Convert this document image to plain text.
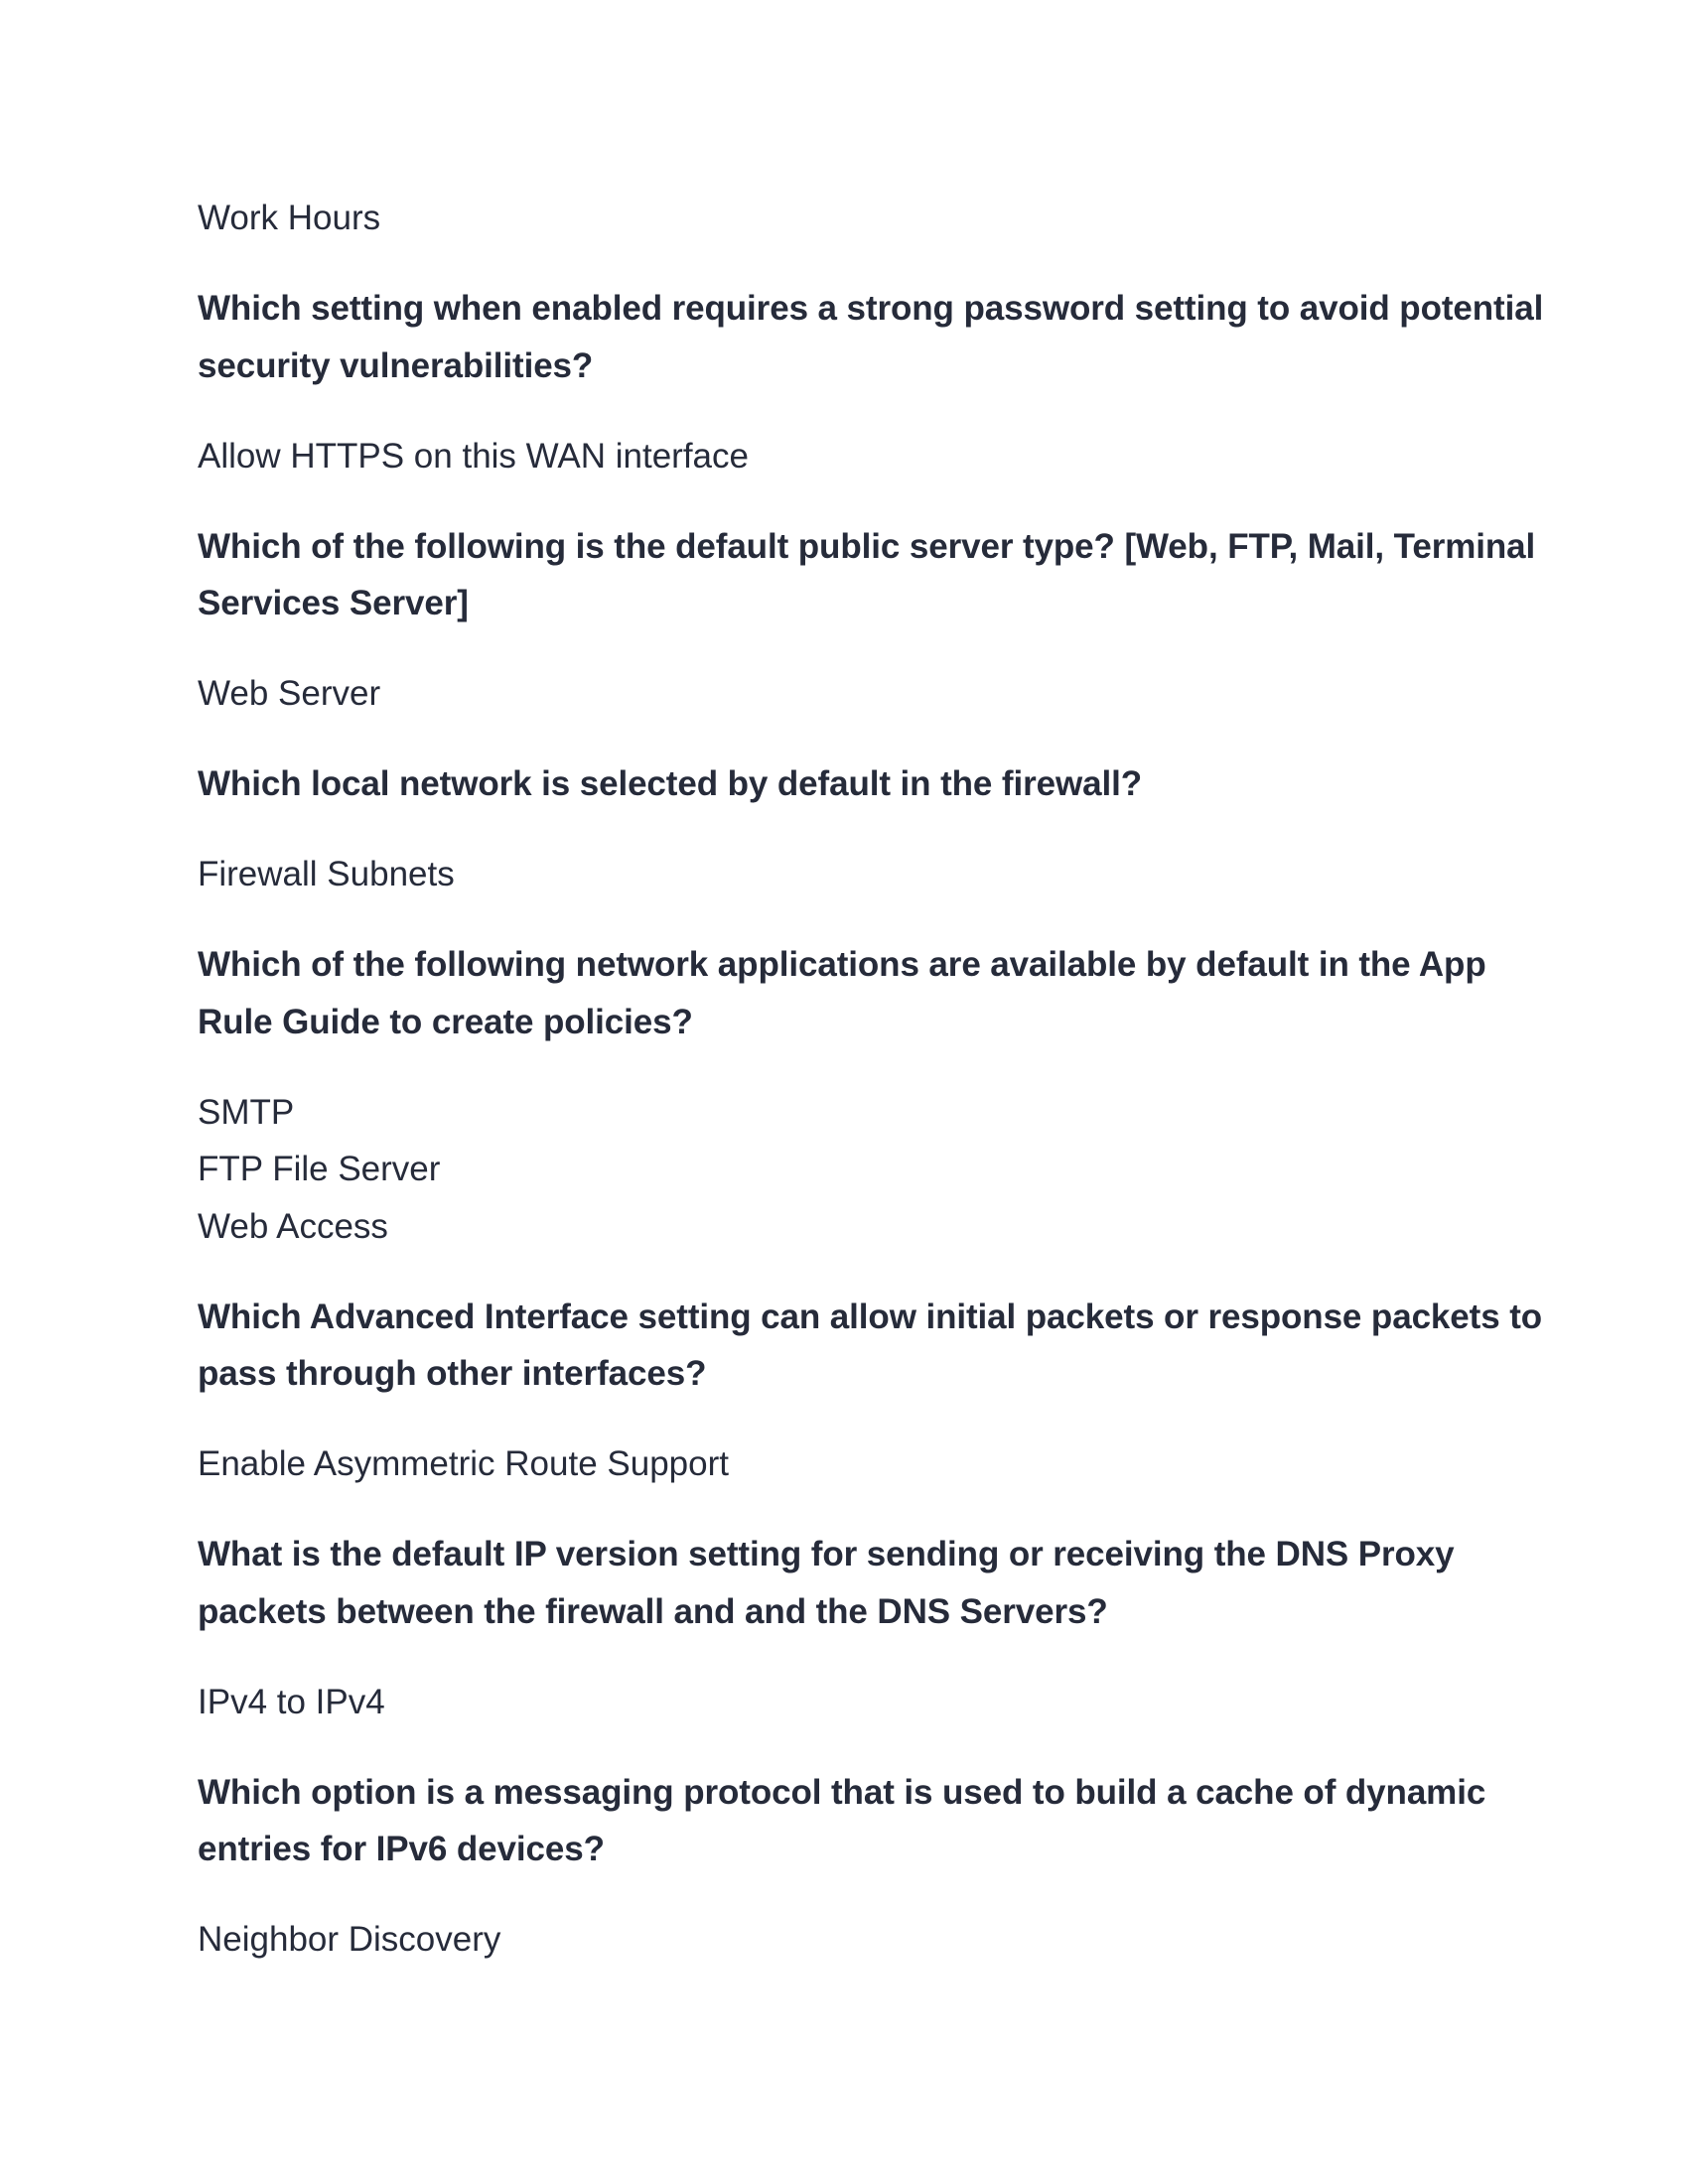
Work Hours

Which setting when enabled requires a strong password setting to avoid potential
security vulnerabilities?

Allow HTTPS on this WAN interface

Which of the following is the default public server type? [Web, FTP, Mail, Terminal
Services Server]

Web Server

Which local network is selected by default in the firewall?

Firewall Subnets

Which of the following network applications are available by default in the App
Rule Guide to create policies?

SMTP
FTP File Server
Web Access

Which Advanced Interface setting can allow initial packets or response packets to
pass through other interfaces?

Enable Asymmetric Route Support

What is the default IP version setting for sending or receiving the DNS Proxy
packets between the firewall and and the DNS Servers?

IPv4 to IPv4

Which option is a messaging protocol that is used to build a cache of dynamic
entries for IPv6 devices?

Neighbor Discovery
